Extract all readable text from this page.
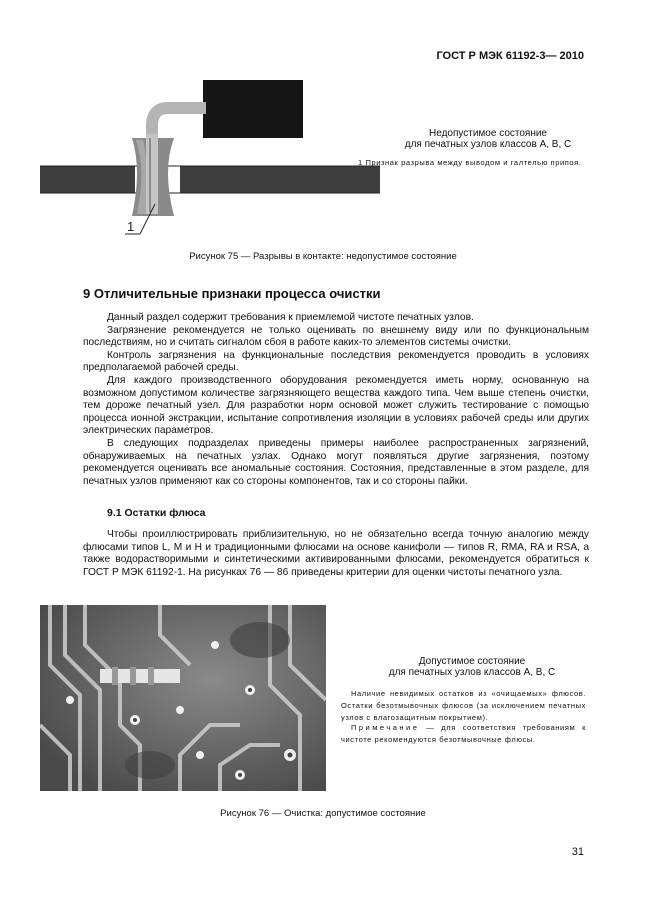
ГОСТ Р МЭК 61192-3— 2010
1
Недопустимое состояние
для печатных узлов классов А, В, С
1 Признак разрыва между выводом и галтелью припоя.
Рисунок 75 — Разрывы в контакте: недопустимое состояние
9 Отличительные признаки процесса очистки

Данный раздел содержит требования к приемлемой чистоте печатных узлов.

Загрязнение рекомендуется не только оценивать по внешнему виду или по функциональным последствиям, но и считать сигналом сбоя в работе каких-то элементов системы очистки.

Контроль загрязнения на функциональные последствия рекомендуется проводить в условиях предполагаемой рабочей среды.

Для каждого производственного оборудования рекомендуется иметь норму, основанную на возможном допустимом количестве загрязняющего вещества каждого типа. Чем выше степень очистки, тем дороже печатный узел. Для разработки норм основой может служить тестирование с помощью процесса ионной экстракции, испытание сопротивления изоляции в условиях рабочей среды или других электрических параметров.

В следующих подразделах приведены примеры наиболее распространенных загрязнений, обнаруживаемых на печатных узлах. Однако могут появляться другие загрязнения, поэтому рекомендуется оценивать все аномальные состояния. Состояния, представленные в этом разделе, для печатных узлов применяют как со стороны компонентов, так и со стороны пайки.

9.1 Остатки флюса

Чтобы проиллюстрировать приблизительную, но не обязательно всегда точную аналогию между флюсами типов L, M и H и традиционными флюсами на основе канифоли — типов R, RMA, RA и RSA, а также водорастворимыми и синтетическими активированными флюсами, рекомендуется обратиться к ГОСТ Р МЭК 61192-1. На рисунках 76 — 86 приведены критерии для оценки чистоты печатного узла.

Допустимое состояние
для печатных узлов классов А, В, С
Наличие невидимых остатков из «очищаемых» флюсов. Остатки безотмывочных флюсов (за исключением печатных узлов с влагозащитным покрытием).
Примечание — для соответствия требованиям к чистоте рекомендуются безотмывочные флюсы.
Рисунок 76 — Очистка: допустимое состояние
31
